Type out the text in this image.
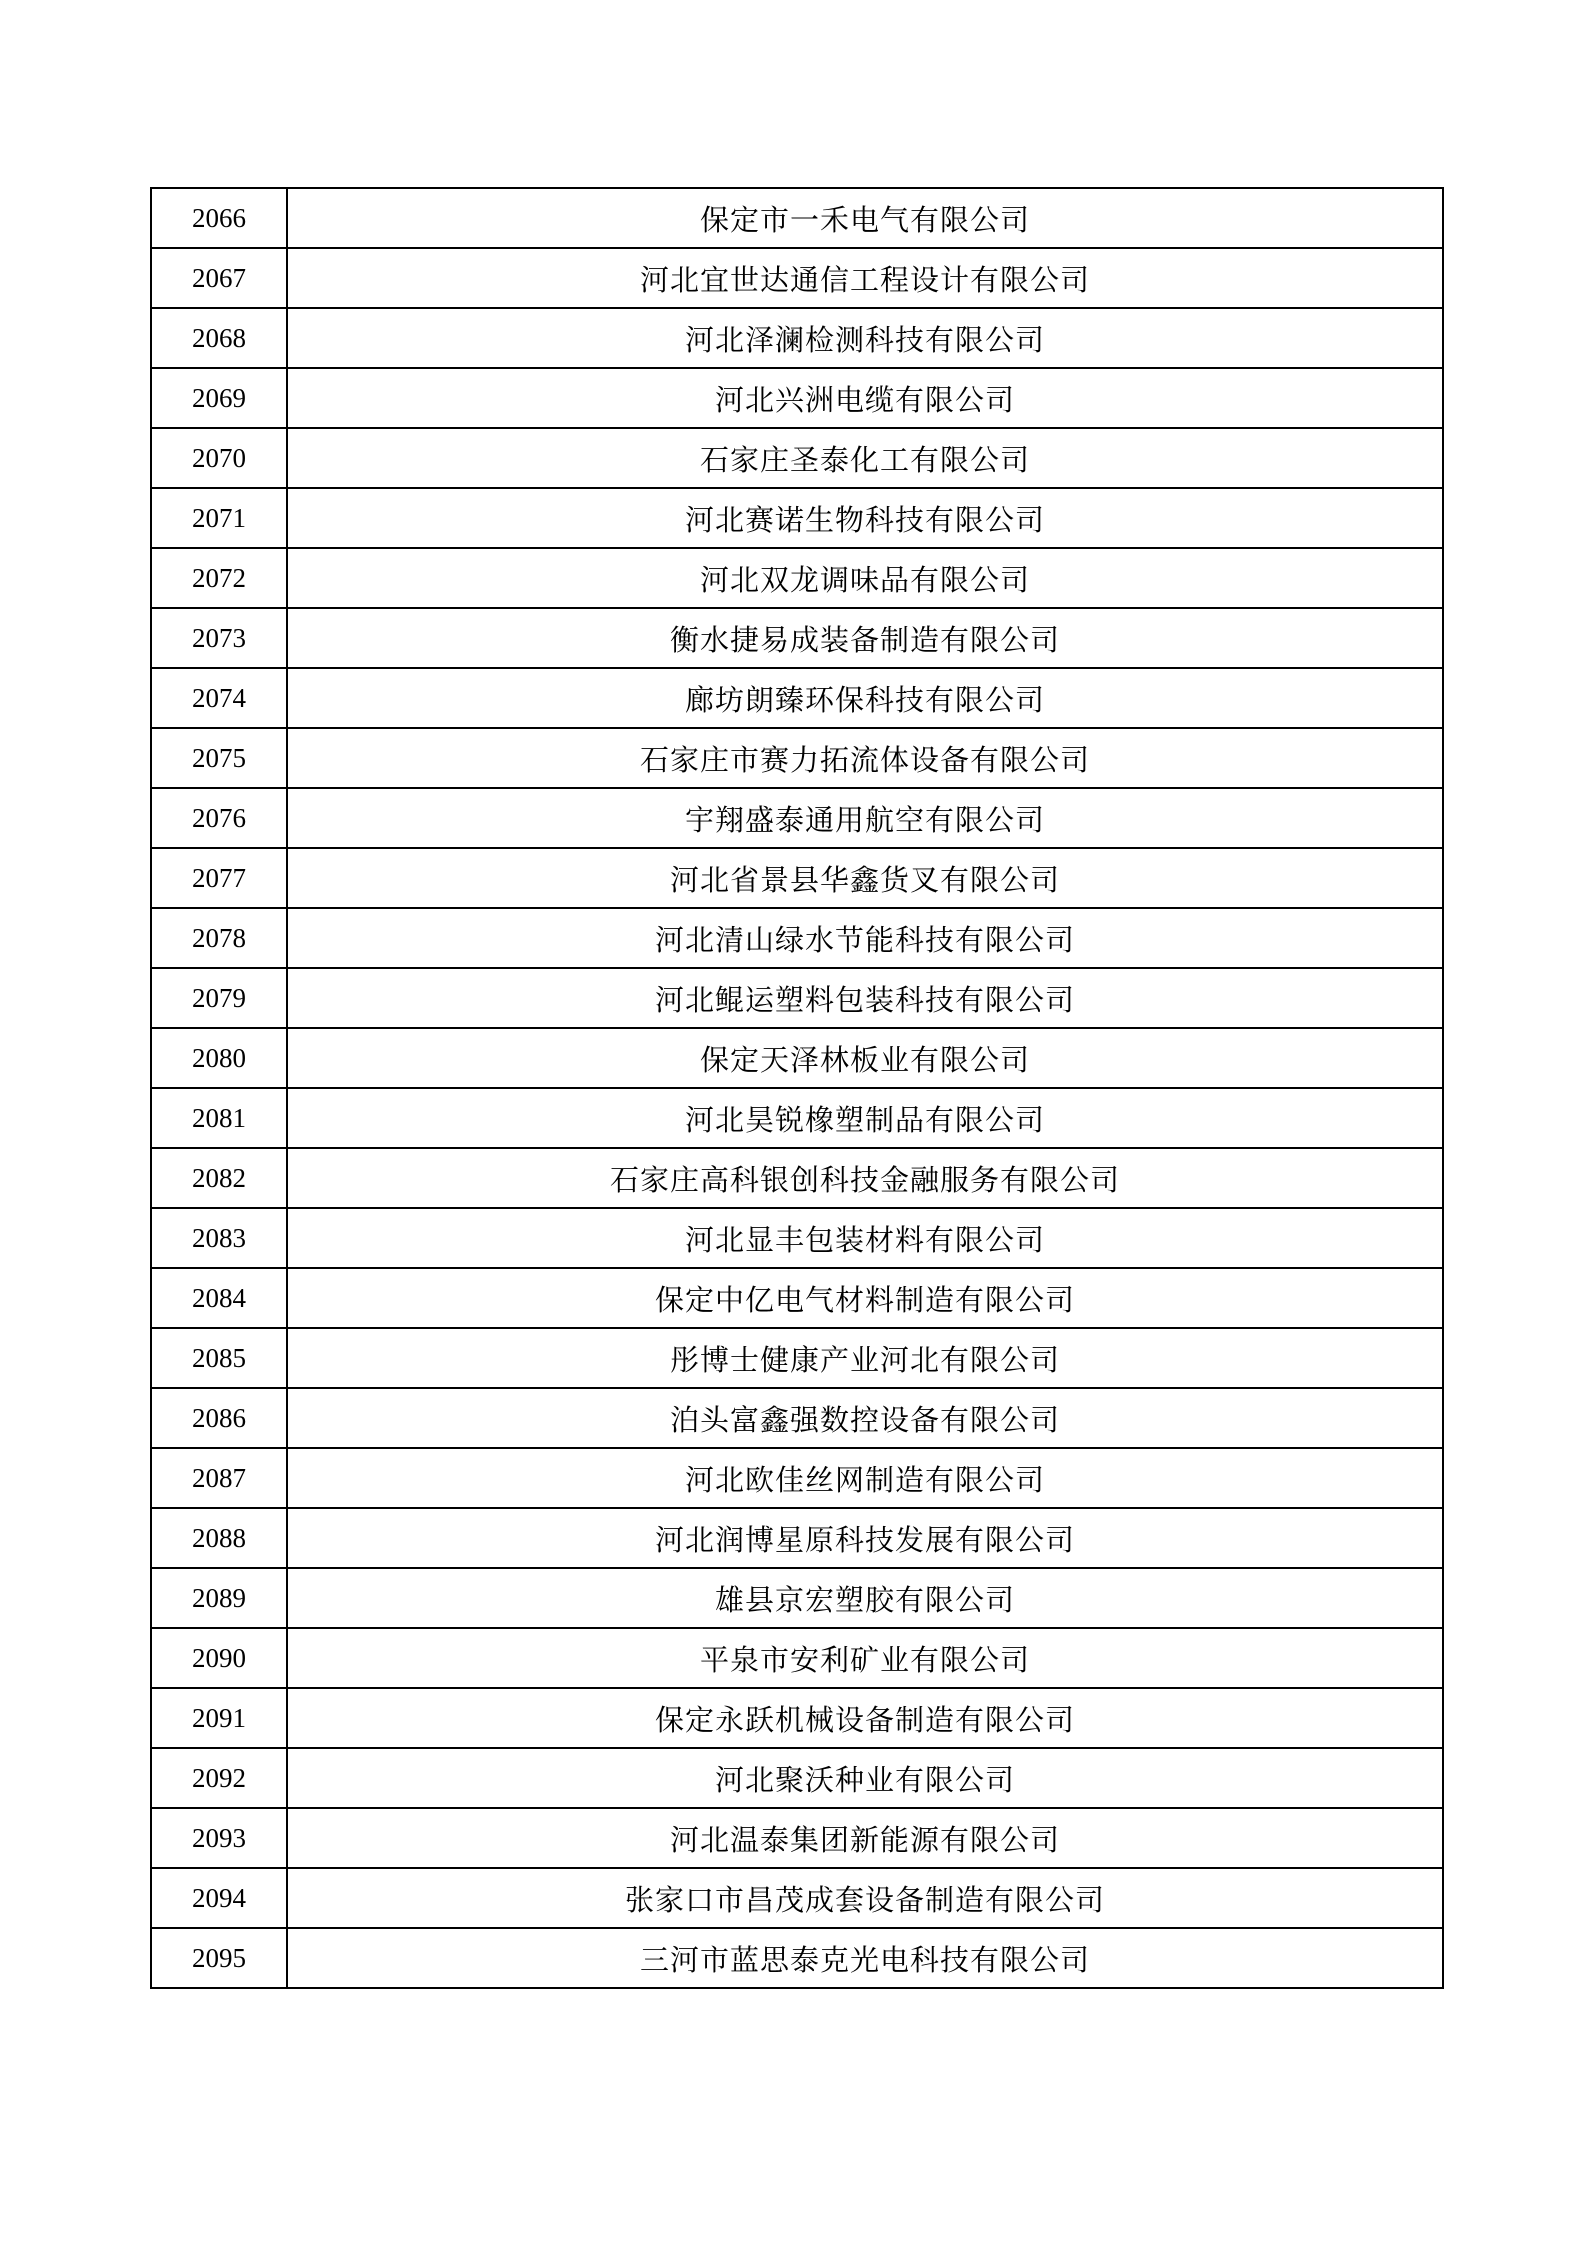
2066	保定市一禾电气有限公司
2067	河北宜世达通信工程设计有限公司
2068	河北泽澜检测科技有限公司
2069	河北兴洲电缆有限公司
2070	石家庄圣泰化工有限公司
2071	河北赛诺生物科技有限公司
2072	河北双龙调味品有限公司
2073	衡水捷易成装备制造有限公司
2074	廊坊朗臻环保科技有限公司
2075	石家庄市赛力拓流体设备有限公司
2076	宇翔盛泰通用航空有限公司
2077	河北省景县华鑫货叉有限公司
2078	河北清山绿水节能科技有限公司
2079	河北鲲运塑料包装科技有限公司
2080	保定天泽林板业有限公司
2081	河北昊锐橡塑制品有限公司
2082	石家庄高科银创科技金融服务有限公司
2083	河北显丰包装材料有限公司
2084	保定中亿电气材料制造有限公司
2085	彤博士健康产业河北有限公司
2086	泊头富鑫强数控设备有限公司
2087	河北欧佳丝网制造有限公司
2088	河北润博星原科技发展有限公司
2089	雄县京宏塑胶有限公司
2090	平泉市安利矿业有限公司
2091	保定永跃机械设备制造有限公司
2092	河北聚沃种业有限公司
2093	河北温泰集团新能源有限公司
2094	张家口市昌茂成套设备制造有限公司
2095	三河市蓝思泰克光电科技有限公司
